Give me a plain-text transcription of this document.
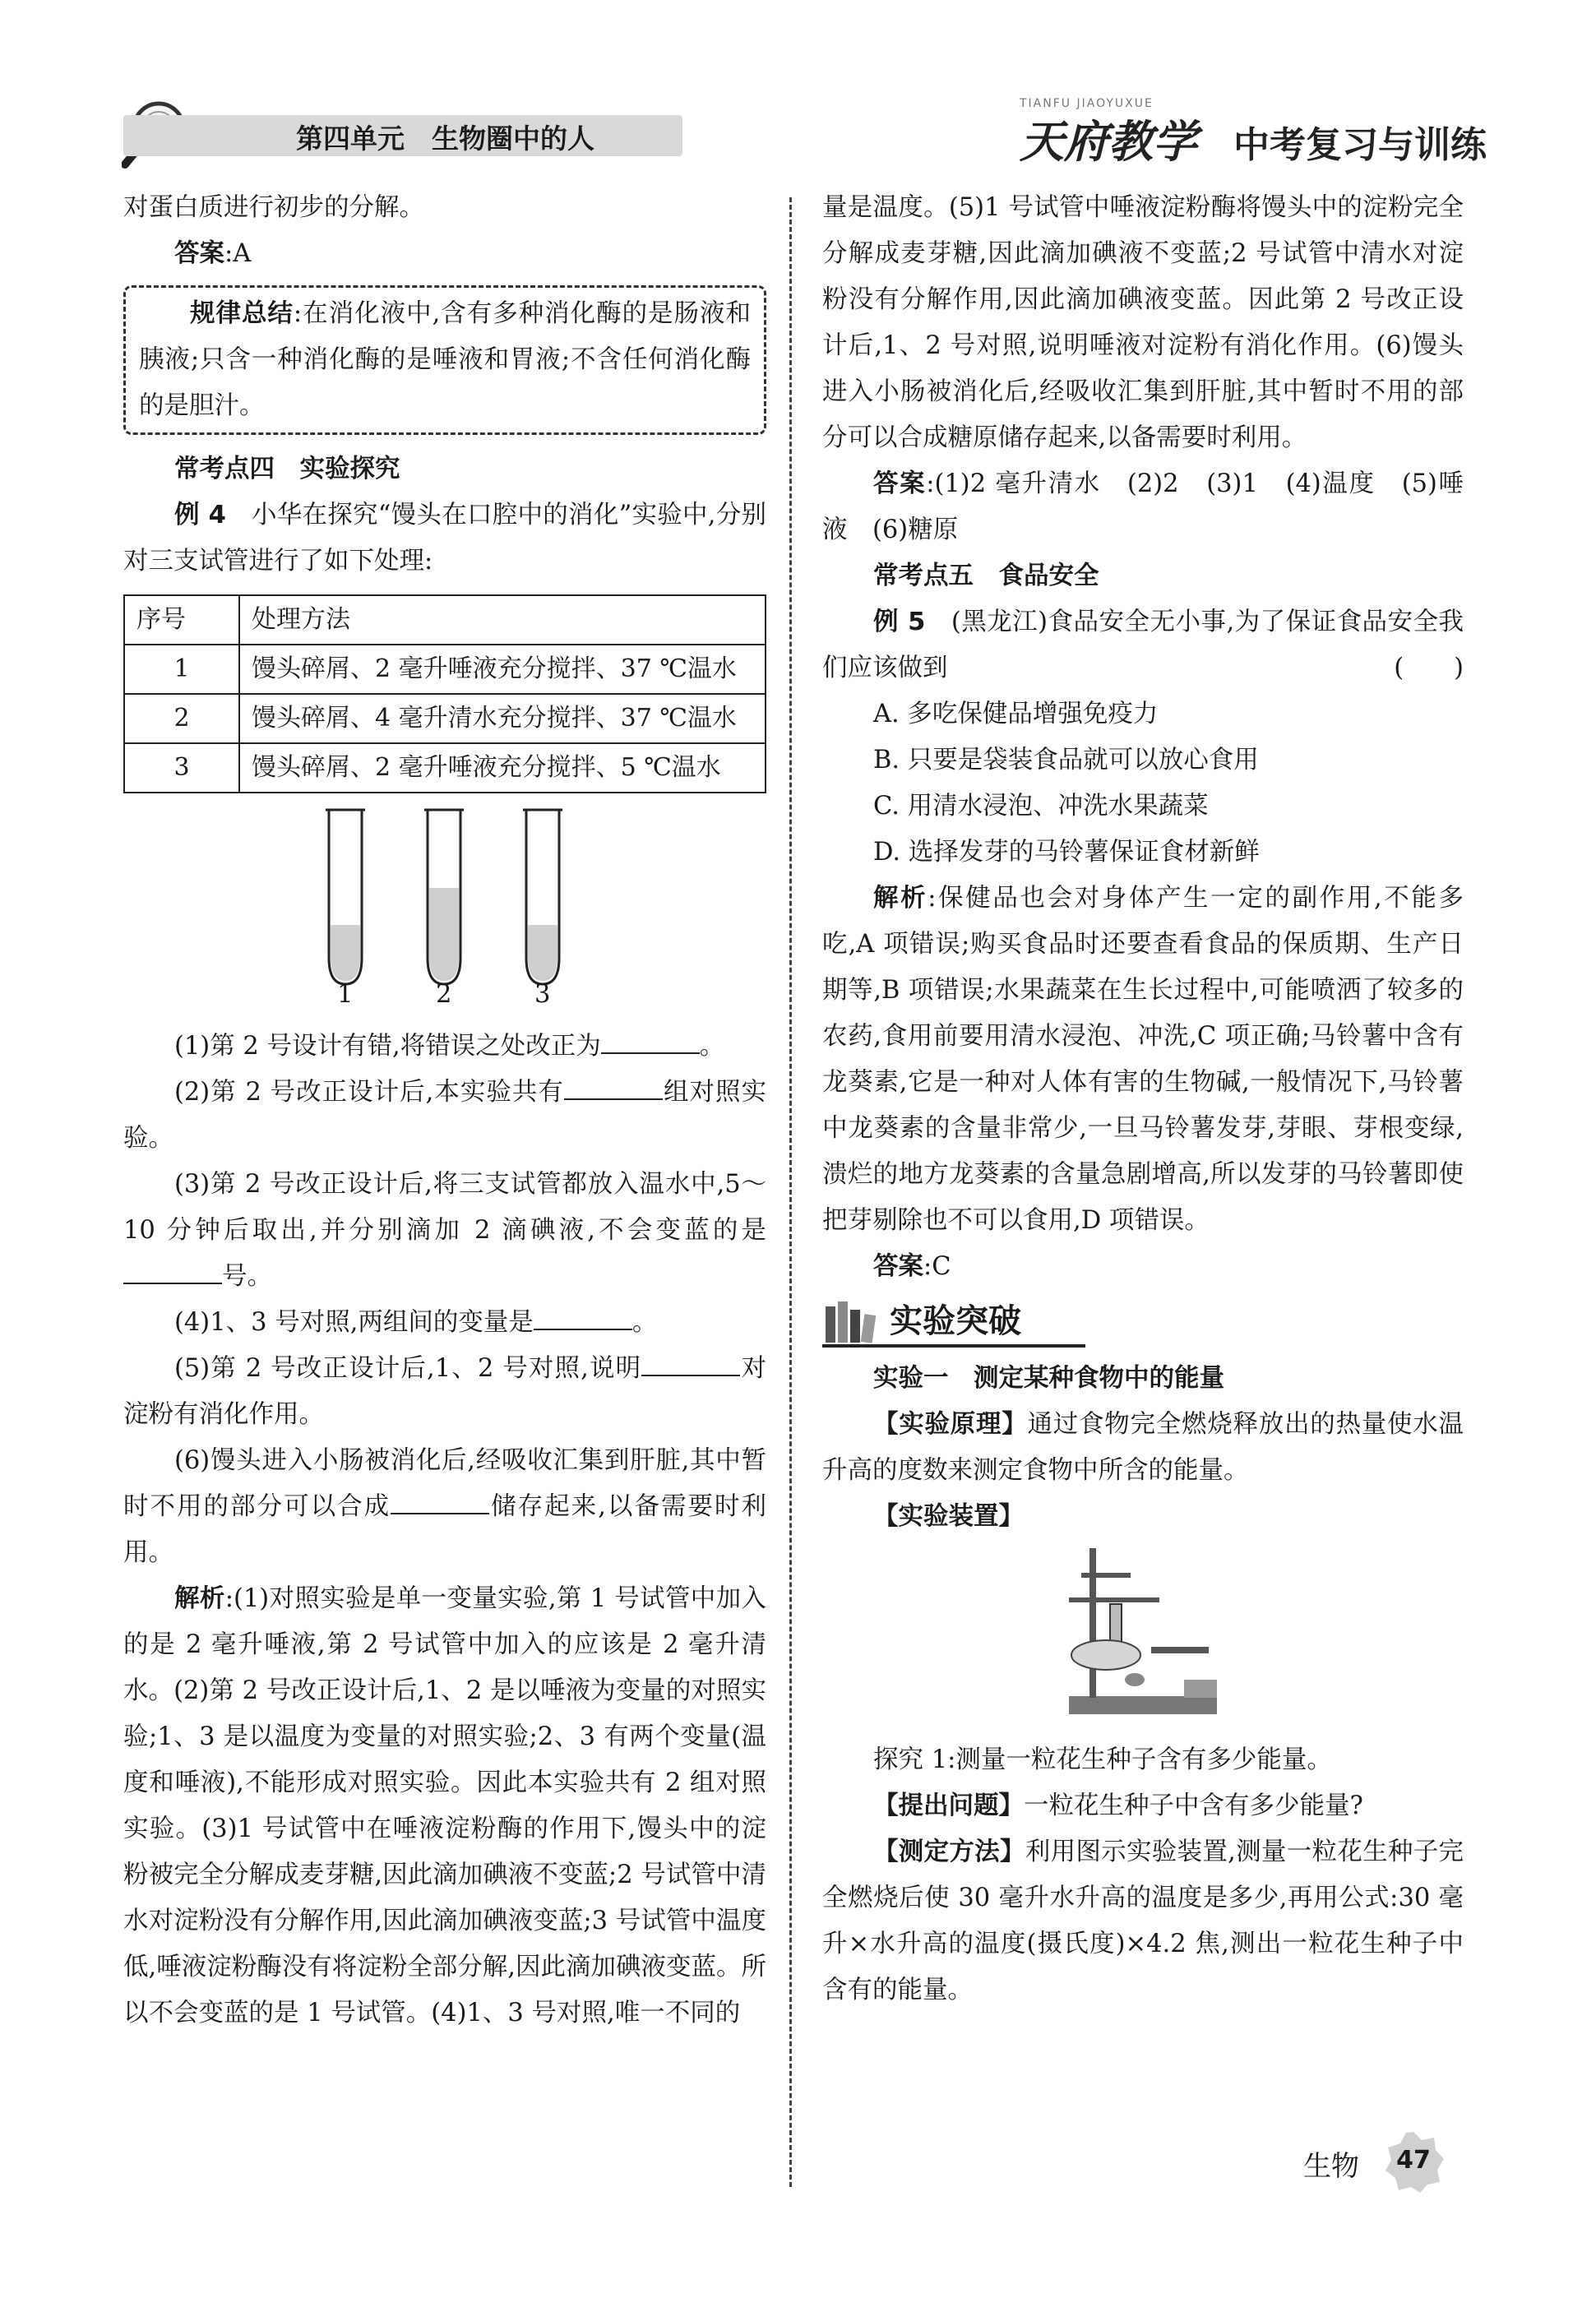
第四单元　生物圈中的人
TIANFU JIAOYUXUE
天府教学 中考复习与训练

对蛋白质进行初步的分解。

答案:A

规律总结:在消化液中,含有多种消化酶的是肠液和胰液;只含一种消化酶的是唾液和胃液;不含任何消化酶的是胆汁。

常考点四　实验探究

例 4　 小华在探究“馒头在口腔中的消化”实验中,分别对三支试管进行了如下处理:

序号	处理方法
1	馒头碎屑、2 毫升唾液充分搅拌、37 ℃温水
2	馒头碎屑、4 毫升清水充分搅拌、37 ℃温水
3	馒头碎屑、2 毫升唾液充分搅拌、5 ℃温水
1	2	3

(1)第 2 号设计有错,将错误之处改正为	。

(2)第 2 号改正设计后,本实验共有	组对照实验。

(3)第 2 号改正设计后,将三支试管都放入温水中,5～10 分钟后取出,并分别滴加 2 滴碘液,不会变蓝的是号。

(4)1、3 号对照,两组间的变量是	。

(5)第 2 号改正设计后,1、2 号对照,说明	对淀粉有消化作用。

(6)馒头进入小肠被消化后,经吸收汇集到肝脏,其中暂时不用的部分可以合成	储存起来,以备需要时利用。

解析:(1)对照实验是单一变量实验,第 1 号试管中加入的是 2 毫升唾液,第 2 号试管中加入的应该是 2 毫升清水。(2)第 2 号改正设计后,1、2 是以唾液为变量的对照实验;1、3 是以温度为变量的对照实验;2、3 有两个变量(温度和唾液),不能形成对照实验。因此本实验共有 2 组对照实验。(3)1 号试管中在唾液淀粉酶的作用下,馒头中的淀粉被完全分解成麦芽糖,因此滴加碘液不变蓝;2 号试管中清水对淀粉没有分解作用,因此滴加碘液变蓝;3 号试管中温度低,唾液淀粉酶没有将淀粉全部分解,因此滴加碘液变蓝。所以不会变蓝的是 1 号试管。(4)1、3 号对照,唯一不同的

量是温度。(5)1 号试管中唾液淀粉酶将馒头中的淀粉完全分解成麦芽糖,因此滴加碘液不变蓝;2 号试管中清水对淀粉没有分解作用,因此滴加碘液变蓝。因此第 2 号改正设计后,1、2 号对照,说明唾液对淀粉有消化作用。(6)馒头进入小肠被消化后,经吸收汇集到肝脏,其中暂时不用的部分可以合成糖原储存起来,以备需要时利用。

答案:(1)2 毫升清水　(2)2　(3)1　(4)温度　(5)唾液　(6)糖原

常考点五　食品安全

例 5　 (黑龙江)食品安全无小事,为了保证食品安全我们应该做到	(　　)

A. 多吃保健品增强免疫力

B. 只要是袋装食品就可以放心食用

C. 用清水浸泡、冲洗水果蔬菜

D. 选择发芽的马铃薯保证食材新鲜

解析:保健品也会对身体产生一定的副作用,不能多吃,A 项错误;购买食品时还要查看食品的保质期、生产日期等,B 项错误;水果蔬菜在生长过程中,可能喷洒了较多的农药,食用前要用清水浸泡、冲洗,C 项正确;马铃薯中含有龙葵素,它是一种对人体有害的生物碱,一般情况下,马铃薯中龙葵素的含量非常少,一旦马铃薯发芽,芽眼、芽根变绿,溃烂的地方龙葵素的含量急剧增高,所以发芽的马铃薯即使把芽剔除也不可以食用,D 项错误。

答案:C

实验突破

实验一　测定某种食物中的能量

【实验原理】通过食物完全燃烧释放出的热量使水温升高的度数来测定食物中所含的能量。

【实验装置】

探究 1:测量一粒花生种子含有多少能量。

【提出问题】一粒花生种子中含有多少能量?

【测定方法】利用图示实验装置,测量一粒花生种子完全燃烧后使 30 毫升水升高的温度是多少,再用公式:30 毫升×水升高的温度(摄氏度)×4.2 焦,测出一粒花生种子中含有的能量。

生物	47
